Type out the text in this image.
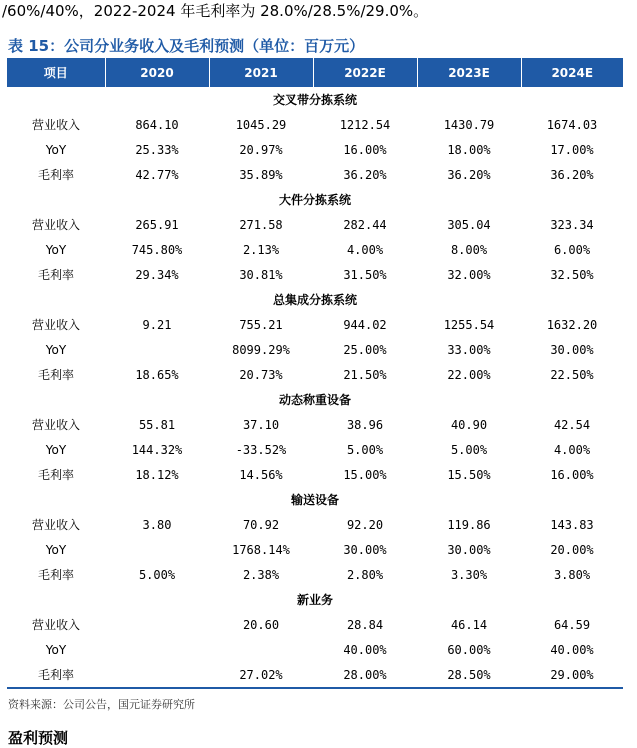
/60%/40%，2022-2024 年毛利率为 28.0%/28.5%/29.0%。
表 15：公司分业务收入及毛利预测（单位：百万元）
项目	2020	2021	2022E	2023E	2024E
交叉带分拣系统					
营业收入	864.10	1045.29	1212.54	1430.79	1674.03
YoY	25.33%	20.97%	16.00%	18.00%	17.00%
毛利率	42.77%	35.89%	36.20%	36.20%	36.20%
大件分拣系统					
营业收入	265.91	271.58	282.44	305.04	323.34
YoY	745.80%	2.13%	4.00%	8.00%	6.00%
毛利率	29.34%	30.81%	31.50%	32.00%	32.50%
总集成分拣系统					
营业收入	9.21	755.21	944.02	1255.54	1632.20
YoY		8099.29%	25.00%	33.00%	30.00%
毛利率	18.65%	20.73%	21.50%	22.00%	22.50%
动态称重设备					
营业收入	55.81	37.10	38.96	40.90	42.54
YoY	144.32%	-33.52%	5.00%	5.00%	4.00%
毛利率	18.12%	14.56%	15.00%	15.50%	16.00%
输送设备					
营业收入	3.80	70.92	92.20	119.86	143.83
YoY		1768.14%	30.00%	30.00%	20.00%
毛利率	5.00%	2.38%	2.80%	3.30%	3.80%
新业务					
营业收入		20.60	28.84	46.14	64.59
YoY			40.00%	60.00%	40.00%
毛利率		27.02%	28.00%	28.50%	29.00%
资料来源：公司公告，国元证券研究所
盈利预测
